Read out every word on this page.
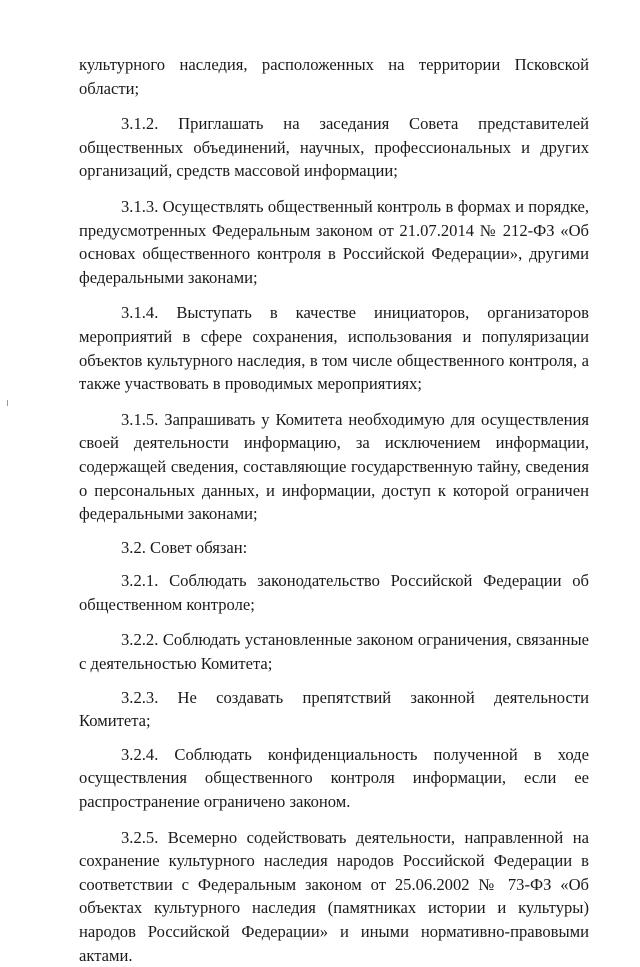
культурного наследия, расположенных на территории Псковской области;

3.1.2. Приглашать на заседания Совета представителей общественных объединений, научных, профессиональных и других организаций, средств массовой информации;

3.1.3. Осуществлять общественный контроль в формах и порядке, предусмотренных Федеральным законом от 21.07.2014 № 212-ФЗ «Об основах общественного контроля в Российской Федерации», другими федеральными законами;

3.1.4. Выступать в качестве инициаторов, организаторов мероприятий в сфере сохранения, использования и популяризации объектов культурного наследия, в том числе общественного контроля, а также участвовать в проводимых мероприятиях;

3.1.5. Запрашивать у Комитета необходимую для осуществления своей деятельности информацию, за исключением информации, содержащей сведения, составляющие государственную тайну, сведения о персональных данных, и информации, доступ к которой ограничен федеральными законами;

3.2. Совет обязан:

3.2.1. Соблюдать законодательство Российской Федерации об общественном контроле;

3.2.2. Соблюдать установленные законом ограничения, связанные с деятельностью Комитета;

3.2.3. Не создавать препятствий законной деятельности Комитета;

3.2.4. Соблюдать конфиденциальность полученной в ходе осуществления общественного контроля информации, если ее распространение ограничено законом.

3.2.5. Всемерно содействовать деятельности, направленной на сохранение культурного наследия народов Российской Федерации в соответствии с Федеральным законом от 25.06.2002 № 73-ФЗ «Об объектах культурного наследия (памятниках истории и культуры) народов Российской Федерации» и иными нормативно-правовыми актами.
